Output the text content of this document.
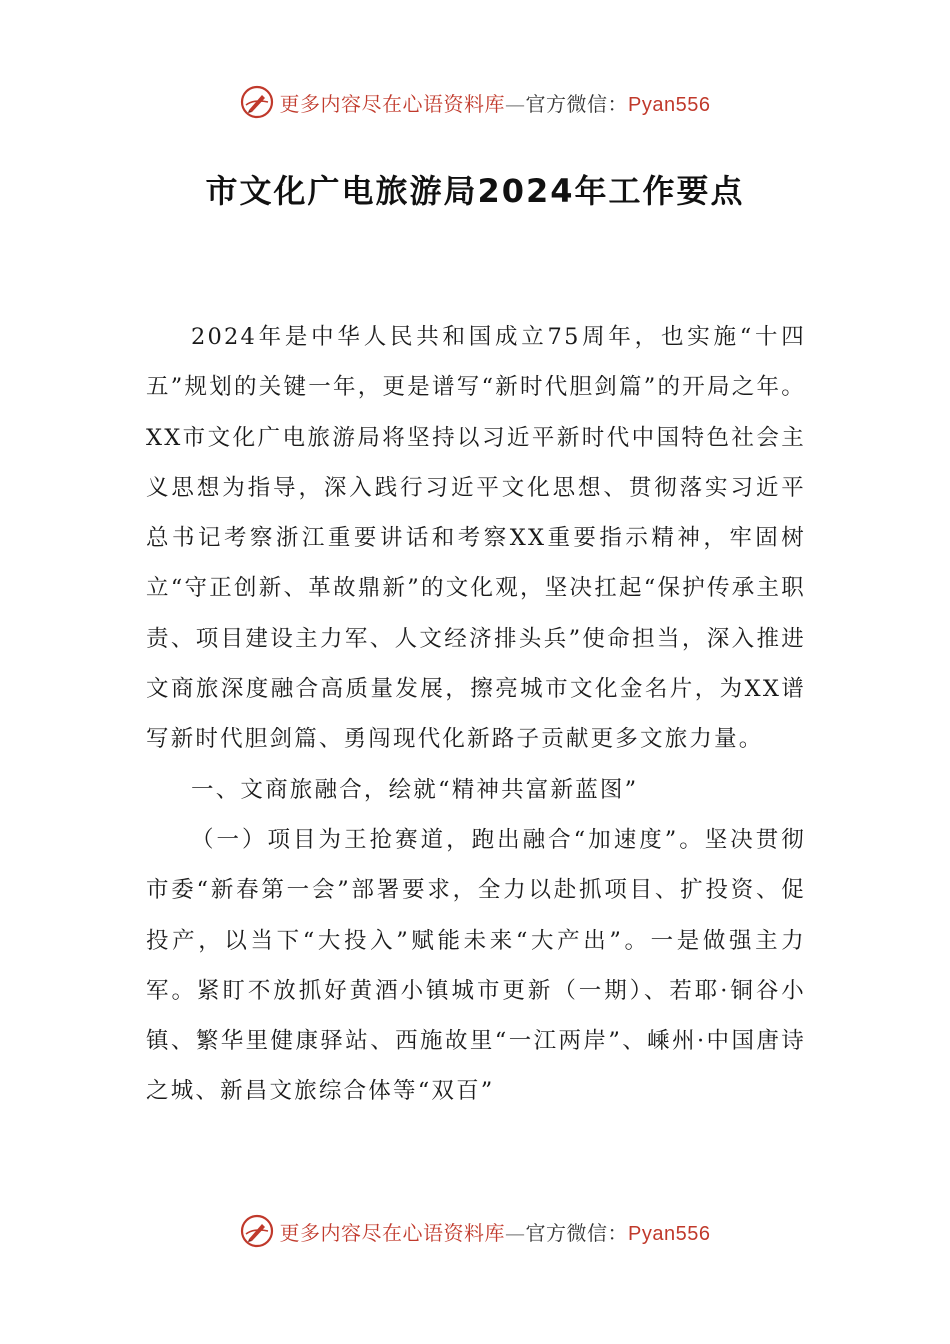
更多内容尽在心语资料库—官方微信：Pyan556
市文化广电旅游局2024年工作要点

2024年是中华人民共和国成立75周年，也实施“十四五”规划的关键一年，更是谱写“新时代胆剑篇”的开局之年。XX市文化广电旅游局将坚持以习近平新时代中国特色社会主义思想为指导，深入践行习近平文化思想、贯彻落实习近平总书记考察浙江重要讲话和考察XX重要指示精神，牢固树立“守正创新、革故鼎新”的文化观，坚决扛起“保护传承主职责、项目建设主力军、人文经济排头兵”使命担当，深入推进文商旅深度融合高质量发展，擦亮城市文化金名片，为XX谱写新时代胆剑篇、勇闯现代化新路子贡献更多文旅力量。

一、文商旅融合，绘就“精神共富新蓝图”

（一）项目为王抢赛道，跑出融合“加速度”。坚决贯彻市委“新春第一会”部署要求，全力以赴抓项目、扩投资、促投产，以当下“大投入”赋能未来“大产出”。一是做强主力军。紧盯不放抓好黄酒小镇城市更新（一期）、若耶·铜谷小镇、繁华里健康驿站、西施故里“一江两岸”、嵊州·中国唐诗之城、新昌文旅综合体等“双百”

更多内容尽在心语资料库—官方微信：Pyan556
